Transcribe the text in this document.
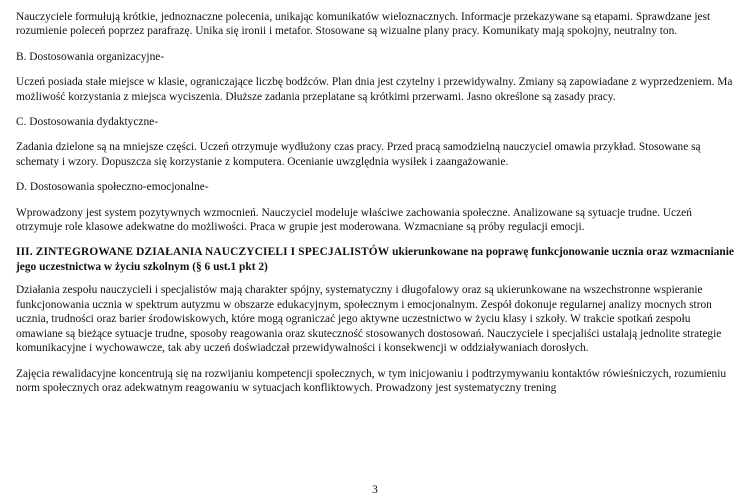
Nauczyciele formułują krótkie, jednoznaczne polecenia, unikając komunikatów wieloznacznych. Informacje przekazywane są etapami. Sprawdzane jest rozumienie poleceń poprzez parafrazę. Unika się ironii i metafor. Stosowane są wizualne plany pracy. Komunikaty mają spokojny, neutralny ton.

B. Dostosowania organizacyjne-

Uczeń posiada stałe miejsce w klasie, ograniczające liczbę bodźców. Plan dnia jest czytelny i przewidywalny. Zmiany są zapowiadane z wyprzedzeniem. Ma możliwość korzystania z miejsca wyciszenia. Dłuższe zadania przeplatane są krótkimi przerwami. Jasno określone są zasady pracy.

C. Dostosowania dydaktyczne-

Zadania dzielone są na mniejsze części. Uczeń otrzymuje wydłużony czas pracy. Przed pracą samodzielną nauczyciel omawia przykład. Stosowane są schematy i wzory. Dopuszcza się korzystanie z komputera. Ocenianie uwzględnia wysiłek i zaangażowanie.

D. Dostosowania społeczno-emocjonalne-

Wprowadzony jest system pozytywnych wzmocnień. Nauczyciel modeluje właściwe zachowania społeczne. Analizowane są sytuacje trudne. Uczeń otrzymuje role klasowe adekwatne do możliwości. Praca w grupie jest moderowana. Wzmacniane są próby regulacji emocji.

III. ZINTEGROWANE DZIAŁANIA NAUCZYCIELI I SPECJALISTÓW ukierunkowane na poprawę funkcjonowanie ucznia oraz wzmacnianie jego uczestnictwa w życiu szkolnym (§ 6 ust.1 pkt 2)

Działania zespołu nauczycieli i specjalistów mają charakter spójny, systematyczny i długofalowy oraz są ukierunkowane na wszechstronne wspieranie funkcjonowania ucznia w spektrum autyzmu w obszarze edukacyjnym, społecznym i emocjonalnym. Zespół dokonuje regularnej analizy mocnych stron ucznia, trudności oraz barier środowiskowych, które mogą ograniczać jego aktywne uczestnictwo w życiu klasy i szkoły. W trakcie spotkań zespołu omawiane są bieżące sytuacje trudne, sposoby reagowania oraz skuteczność stosowanych dostosowań. Nauczyciele i specjaliści ustalają jednolite strategie komunikacyjne i wychowawcze, tak aby uczeń doświadczał przewidywalności i konsekwencji w oddziaływaniach dorosłych.

Zajęcia rewalidacyjne koncentrują się na rozwijaniu kompetencji społecznych, w tym inicjowaniu i podtrzymywaniu kontaktów rówieśniczych, rozumieniu norm społecznych oraz adekwatnym reagowaniu w sytuacjach konfliktowych. Prowadzony jest systematyczny trening

3
